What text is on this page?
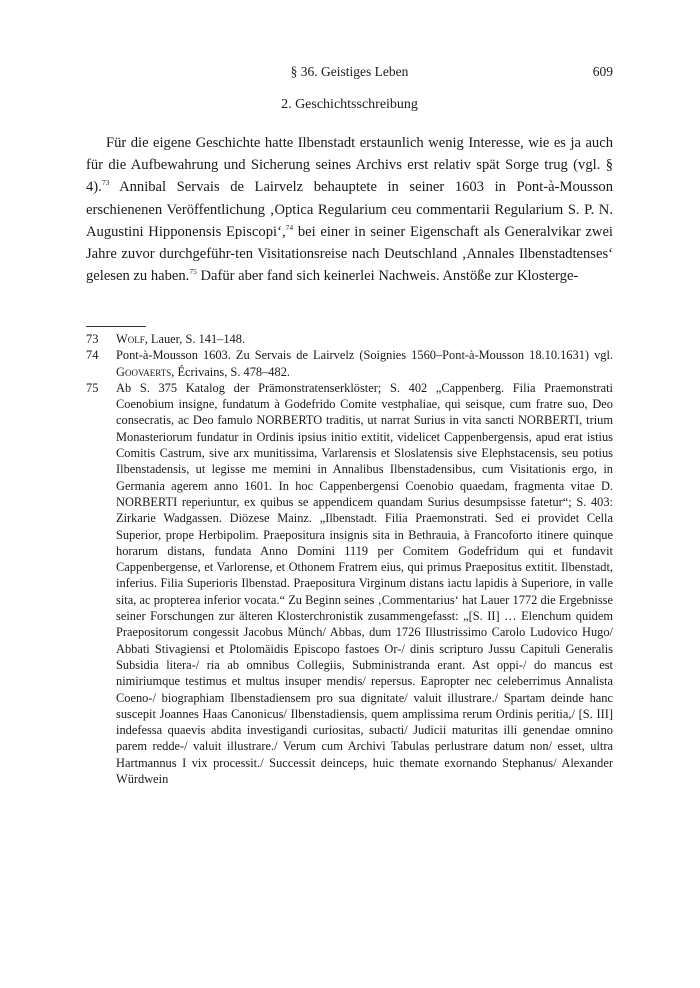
§ 36. Geistiges Leben	609
2. Geschichtsschreibung

Für die eigene Geschichte hatte Ilbenstadt erstaunlich wenig Interesse, wie es ja auch für die Aufbewahrung und Sicherung seines Archivs erst relativ spät Sorge trug (vgl. § 4).$^{73}$ Annibal Servais de Lairvelz behauptete in seiner 1603 in Pont-à-Mousson erschienenen Veröffentlichung ‚Optica Regularium ceu commentarii Regularium S. P. N. Augustini Hipponensis Episcopi‘,$^{74}$ bei einer in seiner Eigenschaft als Generalvikar zwei Jahre zuvor durchgeführ-ten Visitationsreise nach Deutschland ‚Annales Ilbenstadtenses‘ gelesen zu haben.$^{75}$ Dafür aber fand sich keinerlei Nachweis. Anstöße zur Klosterge-

73 Wolf, Lauer, S. 141–148.

74 Pont-à-Mousson 1603. Zu Servais de Lairvelz (Soignies 1560–Pont-à-Mousson 18.10.1631) vgl. Goovaerts, Écrivains, S. 478–482.

75 Ab S. 375 Katalog der Prämonstratenserklöster; S. 402 „Cappenberg. Filia Praemonstrati Coenobium insigne, fundatum à Godefrido Comite vestphaliae, qui seisque, cum fratre suo, Deo consecratis, ac Deo famulo NORBERTO traditis, ut narrat Surius in vita sancti NORBERTI, trium Monasteriorum fundatur in Ordinis ipsius initio extitit, videlicet Cappenbergensis, apud erat istius Comitis Castrum, sive arx munitissima, Varlarensis et Sloslatensis sive Elephstacensis, seu potius Ilbenstadensis, ut legisse me memini in Annalibus Ilbenstadensibus, cum Visitationis ergo, in Germania agerem anno 1601. In hoc Cappenbergensi Coenobio quaedam, fragmenta vitae D. NORBERTI reperiuntur, ex quibus se appendicem quandam Surius desumpsisse fatetur“; S. 403: Zirkarie Wadgassen. Diözese Mainz. „Ilbenstadt. Filia Praemonstrati. Sed ei providet Cella Superior, prope Herbipolim. Praepositura insignis sita in Bethrauia, à Francoforto itinere quinque horarum distans, fundata Anno Domini 1119 per Comitem Godefridum qui et fundavit Cappenbergense, et Varlorense, et Othonem Fratrem eius, qui primus Praepositus extitit. Ilbenstadt, inferius. Filia Superioris Ilbenstad. Praepositura Virginum distans iactu lapidis à Superiore, in valle sita, ac propterea inferior vocata.“ Zu Beginn seines ‚Commentarius‘ hat Lauer 1772 die Ergebnisse seiner Forschungen zur älteren Klosterchronistik zusammengefasst: „[S. II] … Elenchum quidem Praepositorum congessit Jacobus Münch/ Abbas, dum 1726 Illustrissimo Carolo Ludovico Hugo/ Abbati Stivagiensi et Ptolomäidis Episcopo fastoes Or-/ dinis scripturo Jussu Capituli Generalis Subsidia litera-/ ria ab omnibus Collegiis, Subministranda erant. Ast oppi-/ do mancus est nimiriumque testimus et multus insuper mendis/ repersus. Eapropter nec celeberrimus Annalista Coeno-/ biographiam Ilbenstadiensem pro sua dignitate/ valuit illustrare./ Spartam deinde hanc suscepit Joannes Haas Canonicus/ Ilbenstadiensis, quem amplissima rerum Ordinis peritia,/ [S. III] indefessa quaevis abdita investigandi curiositas, subacti/ Judicii maturitas illi genendae omnino parem redde-/ valuit illustrare./ Verum cum Archivi Tabulas perlustrare datum non/ esset, ultra Hartmannus I vix processit./ Successit deinceps, huic themate exornando Stephanus/ Alexander Würdwein
